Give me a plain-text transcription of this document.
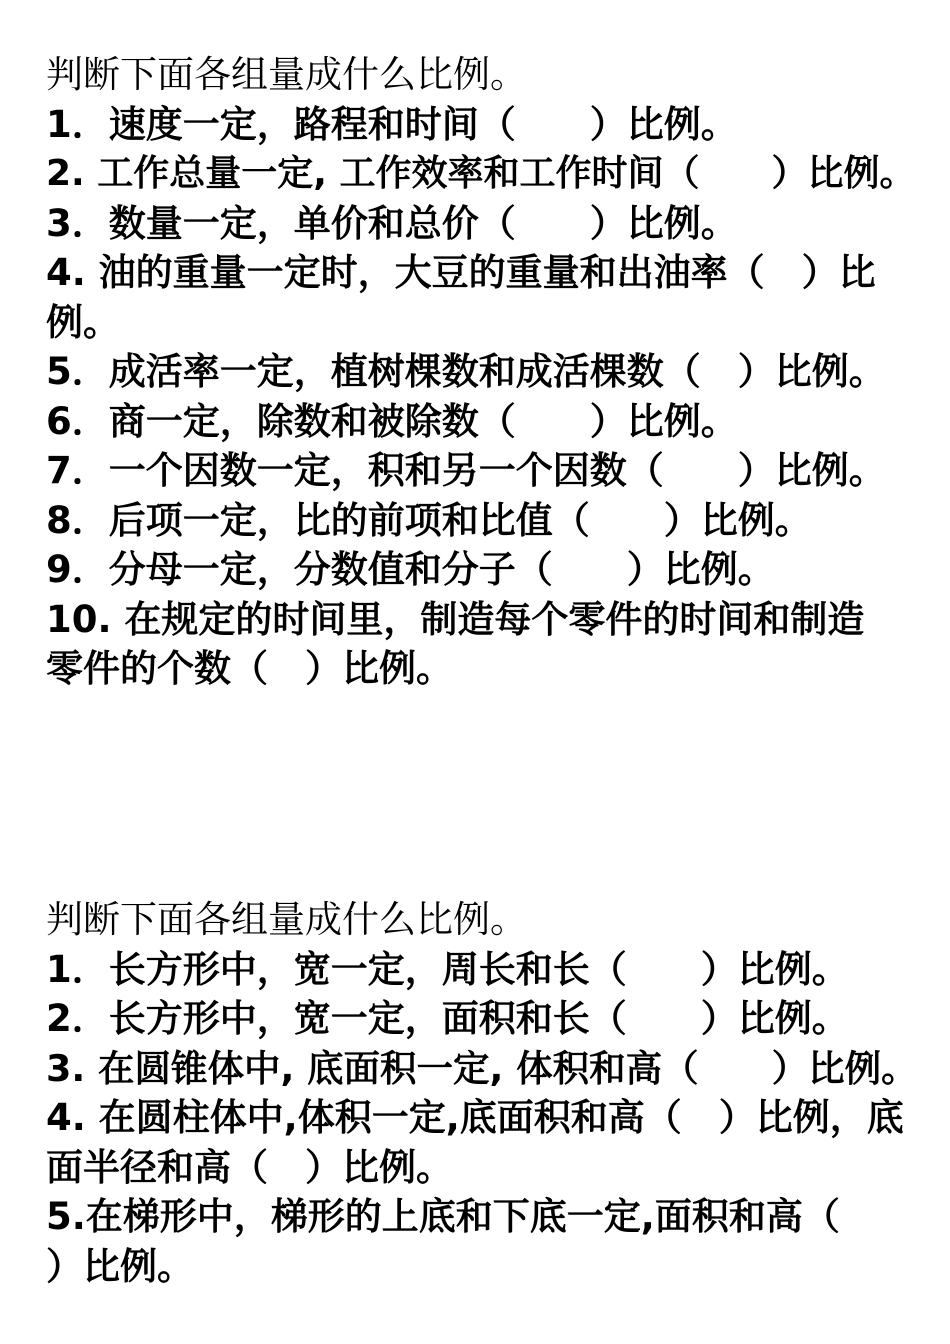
判断下面各组量成什么比例。
1．速度一定，路程和时间（　　）比例。
2. 工作总量一定, 工作效率和工作时间（　　）比例。
3．数量一定，单价和总价（　　）比例。
4. 油的重量一定时，大豆的重量和出油率（　）比
例。
5．成活率一定，植树棵数和成活棵数（　）比例。
6．商一定，除数和被除数（　　）比例。
7．一个因数一定，积和另一个因数（　　）比例。
8．后项一定，比的前项和比值（　　）比例。
9．分母一定，分数值和分子（　　）比例。
10. 在规定的时间里，制造每个零件的时间和制造
零件的个数（　）比例。
判断下面各组量成什么比例。
1．长方形中，宽一定，周长和长（　　）比例。
2．长方形中，宽一定，面积和长（　　）比例。
3. 在圆锥体中, 底面积一定, 体积和高（　　）比例。
4. 在圆柱体中,体积一定,底面积和高（　）比例，底
面半径和高（　）比例。
5.在梯形中，梯形的上底和下底一定,面积和高（
）比例。
